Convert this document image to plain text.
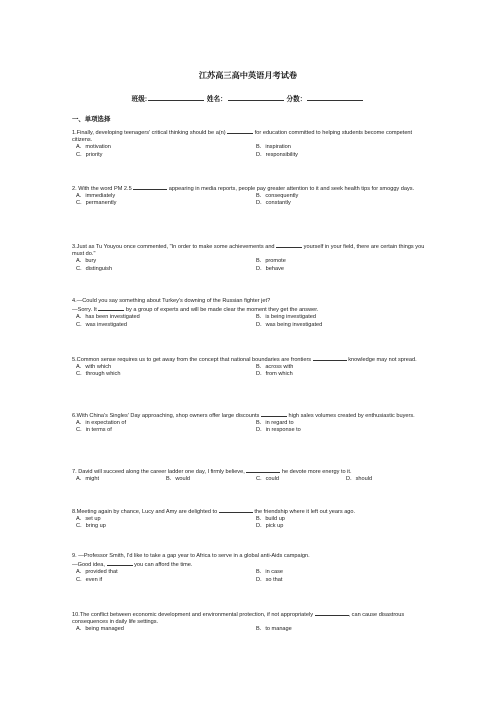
江苏高三高中英语月考试卷
班级:	姓名：	分数：
一、单项选择
1.Finally, developing teenagers' critical thinking should be a(n)	for education committed to helping students become competent citizens.
A．motivation	B．inspiration
C．priority	D．responsibility
2. With the word PM 2.5	appearing in media reports, people pay greater attention to it and seek health tips for smoggy days.
A．immediately	B．consequently
C．permanently	D．constantly
3.Just as Tu Youyou once commented, "In order to make some achievements and	yourself in your field, there are certain things you must do."
A．bury	B．promote
C．distinguish	D．behave
4.—Could you say something about Turkey's downing of the Russian fighter jet?
—Sorry. It	by a group of experts and will be made clear the moment they get the answer.
A．has been investigated	B．is being investigated
C．was investigated	D．was being investigated
5.Common sense requires us to get away from the concept that national boundaries are frontiers	knowledge may not spread.
A．with which	B．across with
C．through which	D．from which
6.With China's Singles' Day approaching, shop owners offer large discounts	high sales volumes created by enthusiastic buyers.
A．in expectation of	B．in regard to
C．in terms of	D．in response to
7. David will succeed along the career ladder one day, I firmly believe,	he devote more energy to it.
A．might	B．would	C．could	D．should
8.Meeting again by chance, Lucy and Amy are delighted to	the friendship where it left out years ago.
A．set up	B．build up
C．bring up	D．pick up
9. —Professor Smith, I'd like to take a gap year to Africa to serve in a global anti-Aids campaign.
—Good idea,	you can afford the time.
A．provided that	B．in case
C．even if	D．so that
10.The conflict between economic development and environmental protection, if not appropriately	, can cause disastrous consequences in daily life settings.
A．being managed	B．to manage
